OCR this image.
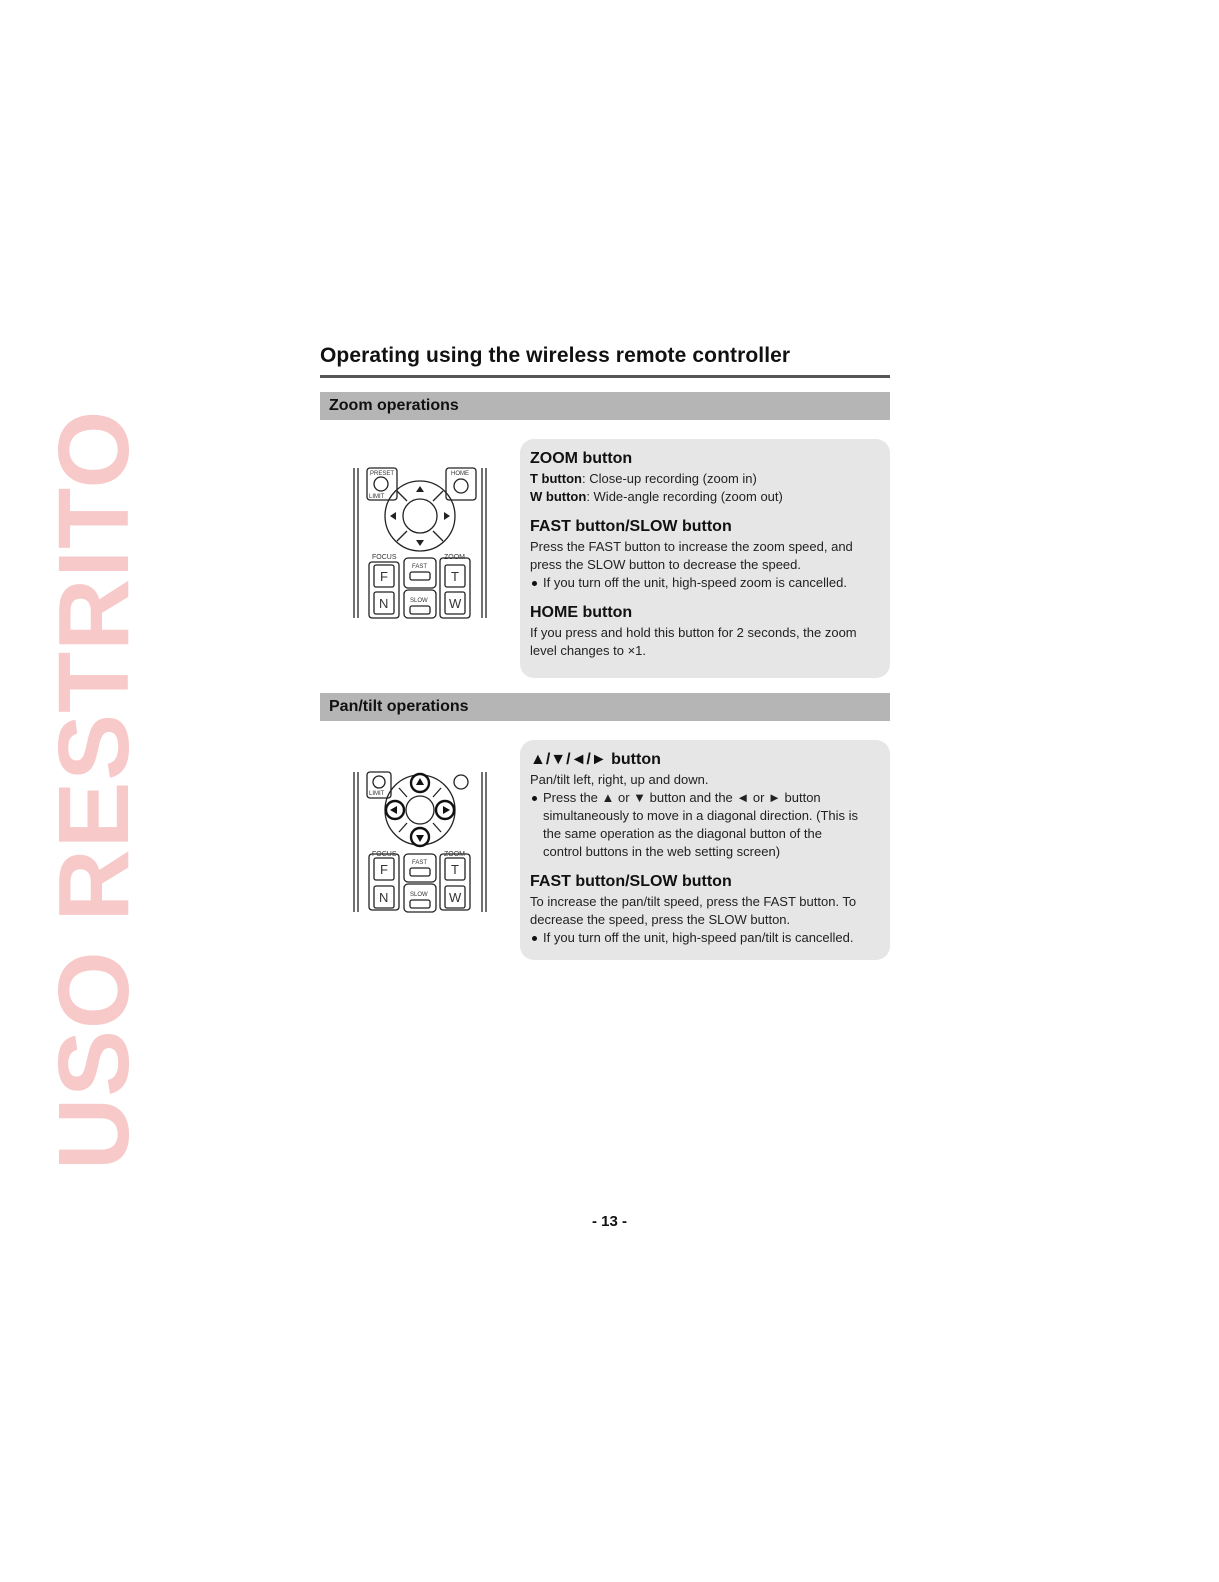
USO RESTRITO
Operating using the wireless remote controller
Zoom operations
PRESET
LIMIT
HOME
FOCUS	ZOOM
FAST
SLOW
F
N
T
W
ZOOM button
T button: Close-up recording (zoom in)
W button: Wide-angle recording (zoom out)
FAST button/SLOW button
Press the FAST button to increase the zoom speed, and
press the SLOW button to decrease the speed.
If you turn off the unit, high-speed zoom is cancelled.
HOME button
If you press and hold this button for 2 seconds, the zoom
level changes to ×1.
Pan/tilt operations
LIMIT
FOCUS	ZOOM
FAST
SLOW
F
N
T
W
▲/▼/◄/► button
Pan/tilt left, right, up and down.
Press the ▲ or ▼ button and the ◄ or ► button
simultaneously to move in a diagonal direction. (This is
the same operation as the diagonal button of the
control buttons in the web setting screen)
FAST button/SLOW button
To increase the pan/tilt speed, press the FAST button. To
decrease the speed, press the SLOW button.
If you turn off the unit, high-speed pan/tilt is cancelled.
- 13 -
